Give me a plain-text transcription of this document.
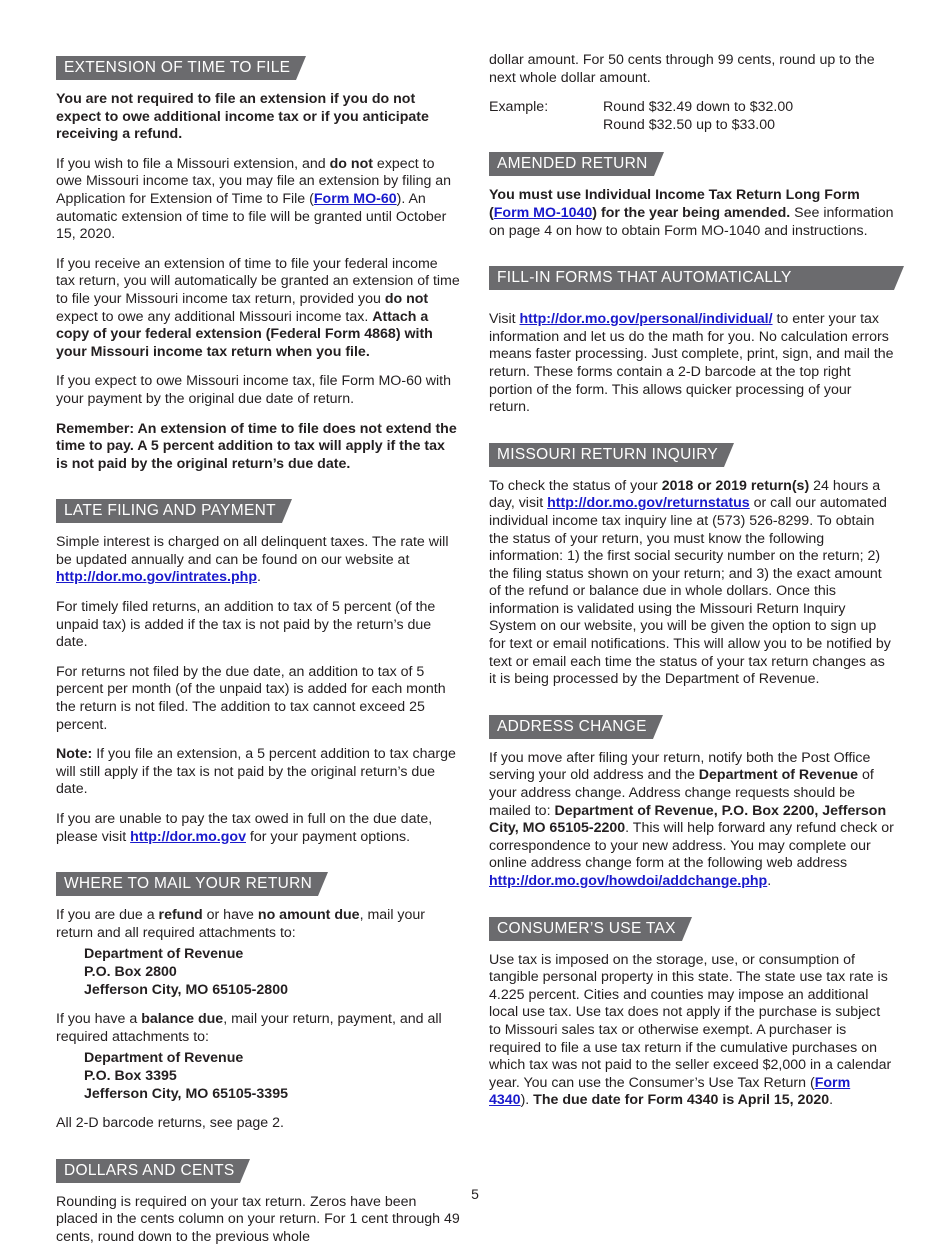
EXTENSION OF TIME TO FILE

You are not required to file an extension if you do not expect to owe additional income tax or if you anticipate receiving a refund.

If you wish to file a Missouri extension, and do not expect to owe Missouri income tax, you may file an extension by filing an Application for Extension of Time to File (Form MO-60). An automatic extension of time to file will be granted until October 15, 2020.

If you receive an extension of time to file your federal income tax return, you will automatically be granted an extension of time to file your Missouri income tax return, provided you do not expect to owe any additional Missouri income tax. Attach a copy of your federal extension (Federal Form 4868) with your Missouri income tax return when you file.

If you expect to owe Missouri income tax, file Form MO-60 with your payment by the original due date of return.

Remember: An extension of time to file does not extend the time to pay. A 5 percent addition to tax will apply if the tax is not paid by the original return’s due date.

LATE FILING AND PAYMENT

Simple interest is charged on all delinquent taxes. The rate will be updated annually and can be found on our website at http://dor.mo.gov/intrates.php.

For timely filed returns, an addition to tax of 5 percent (of the unpaid tax) is added if the tax is not paid by the return’s due date.

For returns not filed by the due date, an addition to tax of 5 percent per month (of the unpaid tax) is added for each month the return is not filed. The addition to tax cannot exceed 25 percent.

Note: If you file an extension, a 5 percent addition to tax charge will still apply if the tax is not paid by the original return’s due date.

If you are unable to pay the tax owed in full on the due date, please visit http://dor.mo.gov for your payment options.

WHERE TO MAIL YOUR RETURN

If you are due a refund or have no amount due, mail your return and all required attachments to:

Department of Revenue
P.O. Box 2800
Jefferson City, MO 65105-2800

If you have a balance due, mail your return, payment, and all required attachments to:

Department of Revenue
P.O. Box 3395
Jefferson City, MO 65105-3395

All 2-D barcode returns, see page 2.

DOLLARS AND CENTS

Rounding is required on your tax return. Zeros have been placed in the cents column on your return. For 1 cent through 49 cents, round down to the previous whole

dollar amount. For 50 cents through 99 cents, round up to the next whole dollar amount.

Example:	Round $32.49 down to $32.00
Round $32.50 up to $33.00
AMENDED RETURN

You must use Individual Income Tax Return Long Form (Form MO-1040) for the year being amended. See information on page 4 on how to obtain Form MO-1040 and instructions.

FILL-IN FORMS THAT AUTOMATICALLY CALCULATE

Visit http://dor.mo.gov/personal/individual/ to enter your tax information and let us do the math for you. No calculation errors means faster processing. Just complete, print, sign, and mail the return. These forms contain a 2-D barcode at the top right portion of the form. This allows quicker processing of your return.

MISSOURI RETURN INQUIRY

To check the status of your 2018 or 2019 return(s) 24 hours a day, visit http://dor.mo.gov/returnstatus or call our automated individual income tax inquiry line at (573) 526-8299. To obtain the status of your return, you must know the following information: 1) the first social security number on the return; 2) the filing status shown on your return; and 3) the exact amount of the refund or balance due in whole dollars. Once this information is validated using the Missouri Return Inquiry System on our website, you will be given the option to sign up for text or email notifications. This will allow you to be notified by text or email each time the status of your tax return changes as it is being processed by the Department of Revenue.

ADDRESS CHANGE

If you move after filing your return, notify both the Post Office serving your old address and the Department of Revenue of your address change. Address change requests should be mailed to: Department of Revenue, P.O. Box 2200, Jefferson City, MO 65105-2200. This will help forward any refund check or correspondence to your new address. You may complete our online address change form at the following web address http://dor.mo.gov/howdoi/addchange.php.

CONSUMER’S USE TAX

Use tax is imposed on the storage, use, or consumption of tangible personal property in this state. The state use tax rate is 4.225 percent. Cities and counties may impose an additional local use tax. Use tax does not apply if the purchase is subject to Missouri sales tax or otherwise exempt. A purchaser is required to file a use tax return if the cumulative purchases on which tax was not paid to the seller exceed $2,000 in a calendar year. You can use the Consumer’s Use Tax Return (Form 4340). The due date for Form 4340 is April 15, 2020.

5
